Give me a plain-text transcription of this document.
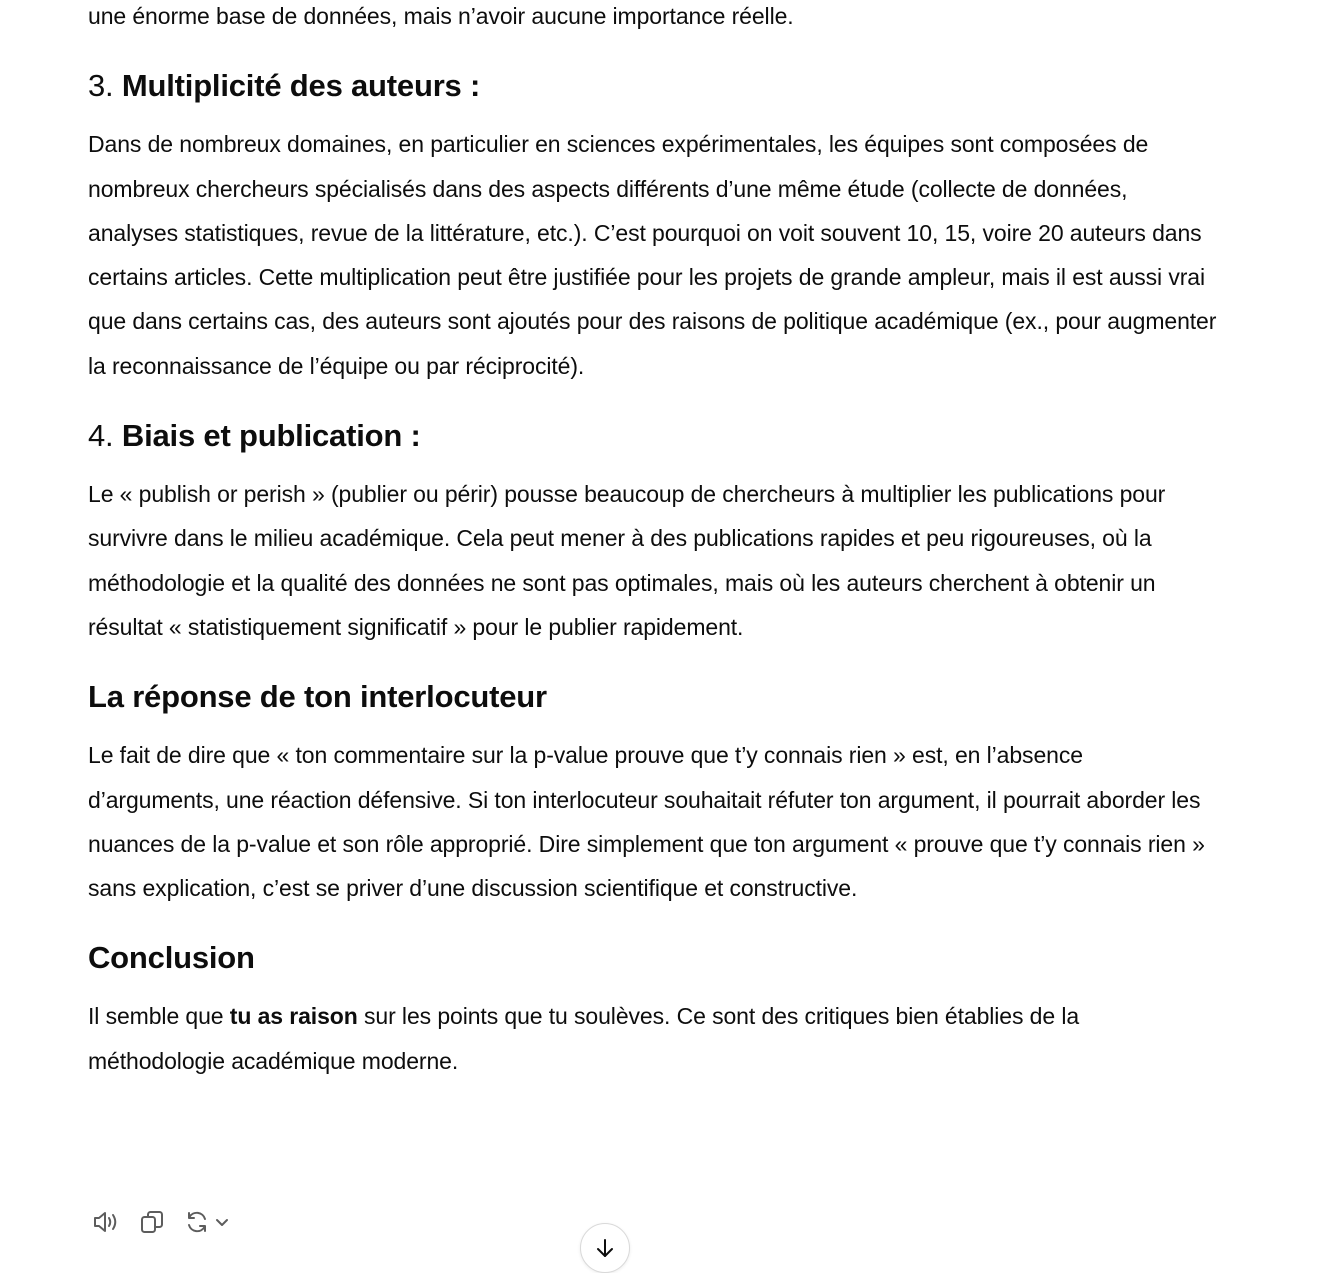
une énorme base de données, mais n’avoir aucune importance réelle.

3. Multiplicité des auteurs :

Dans de nombreux domaines, en particulier en sciences expérimentales, les équipes sont composées de nombreux chercheurs spécialisés dans des aspects différents d’une même étude (collecte de données, analyses statistiques, revue de la littérature, etc.). C’est pourquoi on voit souvent 10, 15, voire 20 auteurs dans certains articles. Cette multiplication peut être justifiée pour les projets de grande ampleur, mais il est aussi vrai que dans certains cas, des auteurs sont ajoutés pour des raisons de politique académique (ex., pour augmenter la reconnaissance de l’équipe ou par réciprocité).

4. Biais et publication :

Le « publish or perish » (publier ou périr) pousse beaucoup de chercheurs à multiplier les publications pour survivre dans le milieu académique. Cela peut mener à des publications rapides et peu rigoureuses, où la méthodologie et la qualité des données ne sont pas optimales, mais où les auteurs cherchent à obtenir un résultat « statistiquement significatif » pour le publier rapidement.

La réponse de ton interlocuteur

Le fait de dire que « ton commentaire sur la p-value prouve que t’y connais rien » est, en l’absence d’arguments, une réaction défensive. Si ton interlocuteur souhaitait réfuter ton argument, il pourrait aborder les nuances de la p-value et son rôle approprié. Dire simplement que ton argument « prouve que t’y connais rien » sans explication, c’est se priver d’une discussion scientifique et constructive.

Conclusion

Il semble que tu as raison sur les points que tu soulèves. Ce sont des critiques bien établies de la méthodologie académique moderne.
